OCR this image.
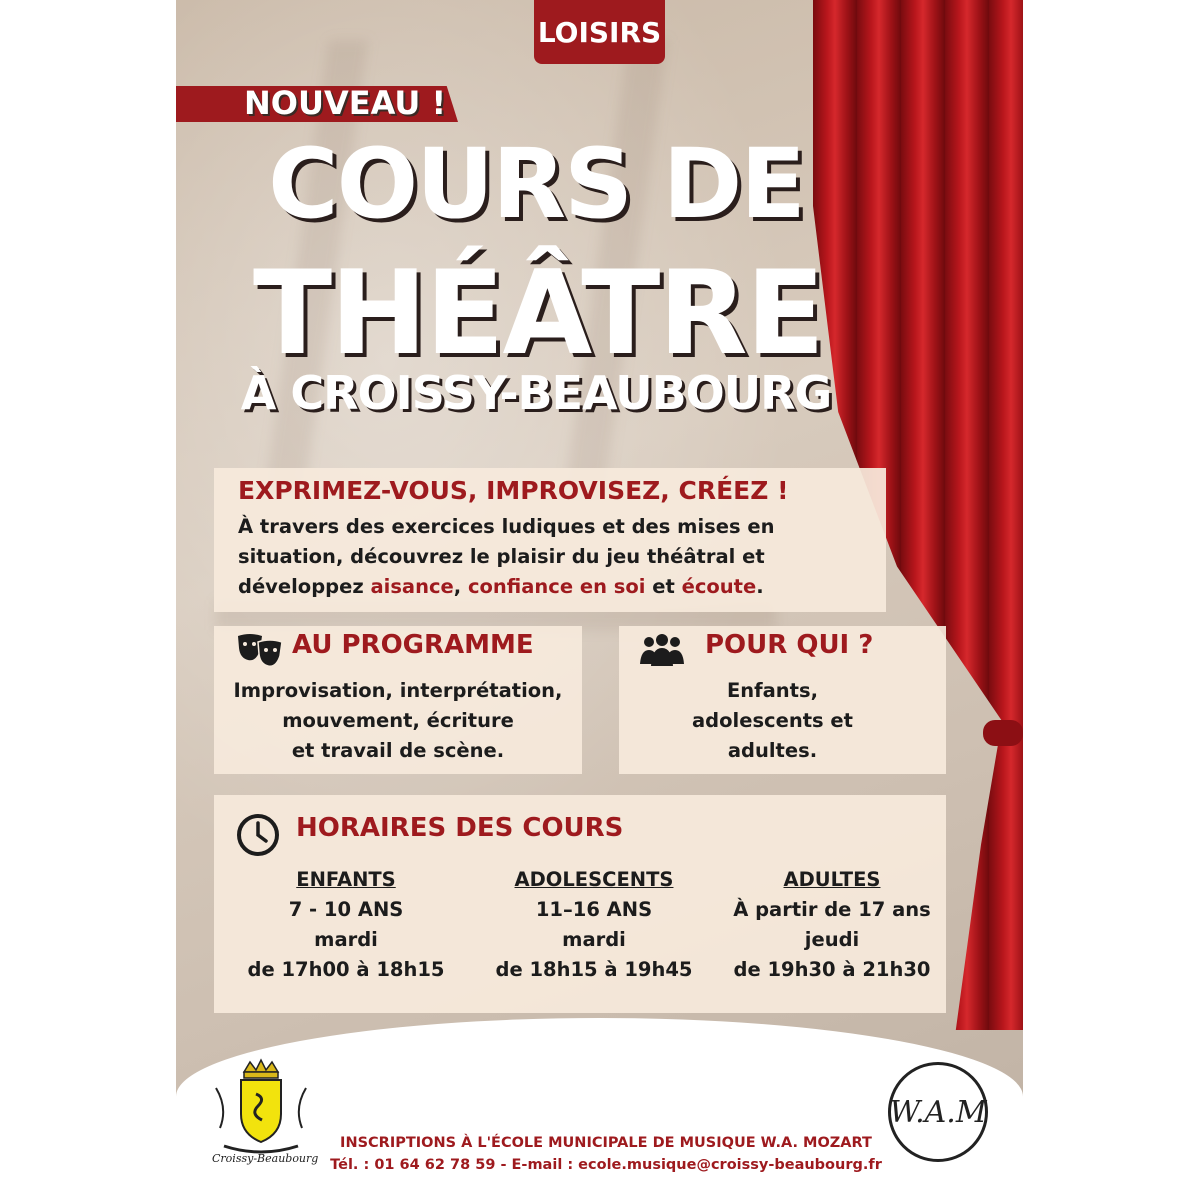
LOISIRS
NOUVEAU !
COURS DE
THÉÂTRE
À CROISSY-BEAUBOURG
EXPRIMEZ-VOUS, IMPROVISEZ, CRÉEZ !
À travers des exercices ludiques et des mises en situation, découvrez le plaisir du jeu théâtral et développez aisance, confiance en soi et écoute.
AU PROGRAMME
Improvisation, interprétation,
mouvement, écriture
et travail de scène.
POUR QUI ?
Enfants,
adolescents et
adultes.
HORAIRES DES COURS
ENFANTS
7 - 10 ANS
mardi
de 17h00 à 18h15
ADOLESCENTS
11–16 ANS
mardi
de 18h15 à 19h45
ADULTES
À partir de 17 ans
jeudi
de 19h30 à 21h30
Croissy-Beaubourg
W.A.M
INSCRIPTIONS À L'ÉCOLE MUNICIPALE DE MUSIQUE W.A. MOZART
Tél. : 01 64 62 78 59 - E-mail : ecole.musique@croissy-beaubourg.fr
